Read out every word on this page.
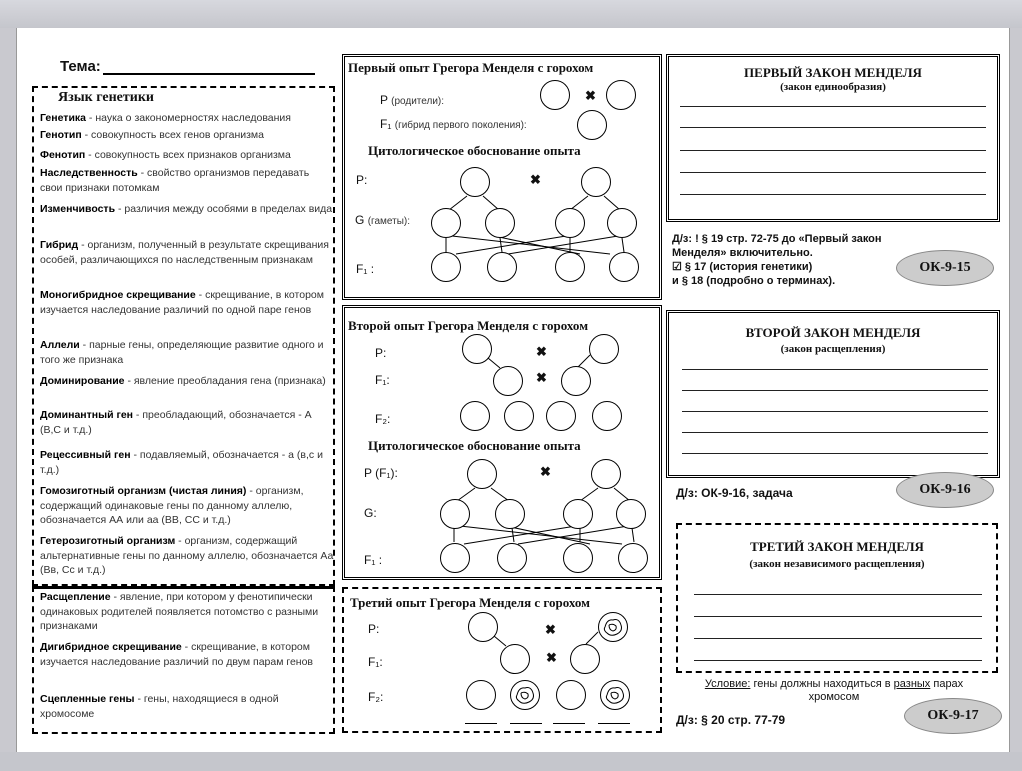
Тема:
Язык генетики
Генетика - наука о закономерностях наследования
Генотип - совокупность всех генов организма
Фенотип - совокупность всех признаков организма
Наследственность - свойство организмов передавать свои признаки потомкам
Изменчивость - различия между особями в пределах вида
Гибрид - организм, полученный в результате скрещивания особей, различающихся по наследственным признакам
Моногибридное скрещивание - скрещивание, в котором изучается наследование различий по одной паре генов
Аллели - парные гены, определяющие развитие одного и того же признака
Доминирование - явление преобладания гена (признака)
Доминантный ген - преобладающий, обозначается - А (В,С и т.д.)
Рецессивный ген - подавляемый, обозначается - а (в,с и т.д.)
Гомозиготный организм (чистая линия) - организм, содержащий одинаковые гены по данному аллелю, обозначается АА или аа (ВВ, СС и т.д.)
Гетерозиготный организм - организм, содержащий альтернативные гены по данному аллелю, обозначается Аа (Вв, Сс и т.д.)
Расщепление - явление, при котором у фенотипически одинаковых родителей появляется потомство с разными признаками
Дигибридное скрещивание - скрещивание, в котором изучается наследование различий по двум парам генов
Сцепленные гены - гены, находящиеся в одной хромосоме
Первый опыт Грегора Менделя с горохом
P (родители):
F₁ (гибрид первого поколения):
✖
Цитологическое обоснование опыта
P:
G (гаметы):
F₁ :
✖
ПЕРВЫЙ ЗАКОН МЕНДЕЛЯ
(закон единообразия)
Д/з: ! § 19 стр. 72-75 до «Первый закон
Менделя» включительно.
☑ § 17 (история генетики)
и § 18 (подробно о терминах).
ОК-9-15
Второй опыт Грегора Менделя с горохом
P:
F₁:
F₂:
✖
✖
Цитологическое обоснование опыта
P (F₁):
G:
F₁ :
✖
ВТОРОЙ ЗАКОН МЕНДЕЛЯ
(закон расщепления)
Д/з: ОК-9-16, задача	ОК-9-16
Третий опыт Грегора Менделя с горохом
P:
F₁:
F₂:
✖
✖
ТРЕТИЙ ЗАКОН МЕНДЕЛЯ
(закон независимого расщепления)
Условие: гены должны находиться в разных парах
хромосом
Д/з: § 20 стр. 77-79	ОК-9-17
